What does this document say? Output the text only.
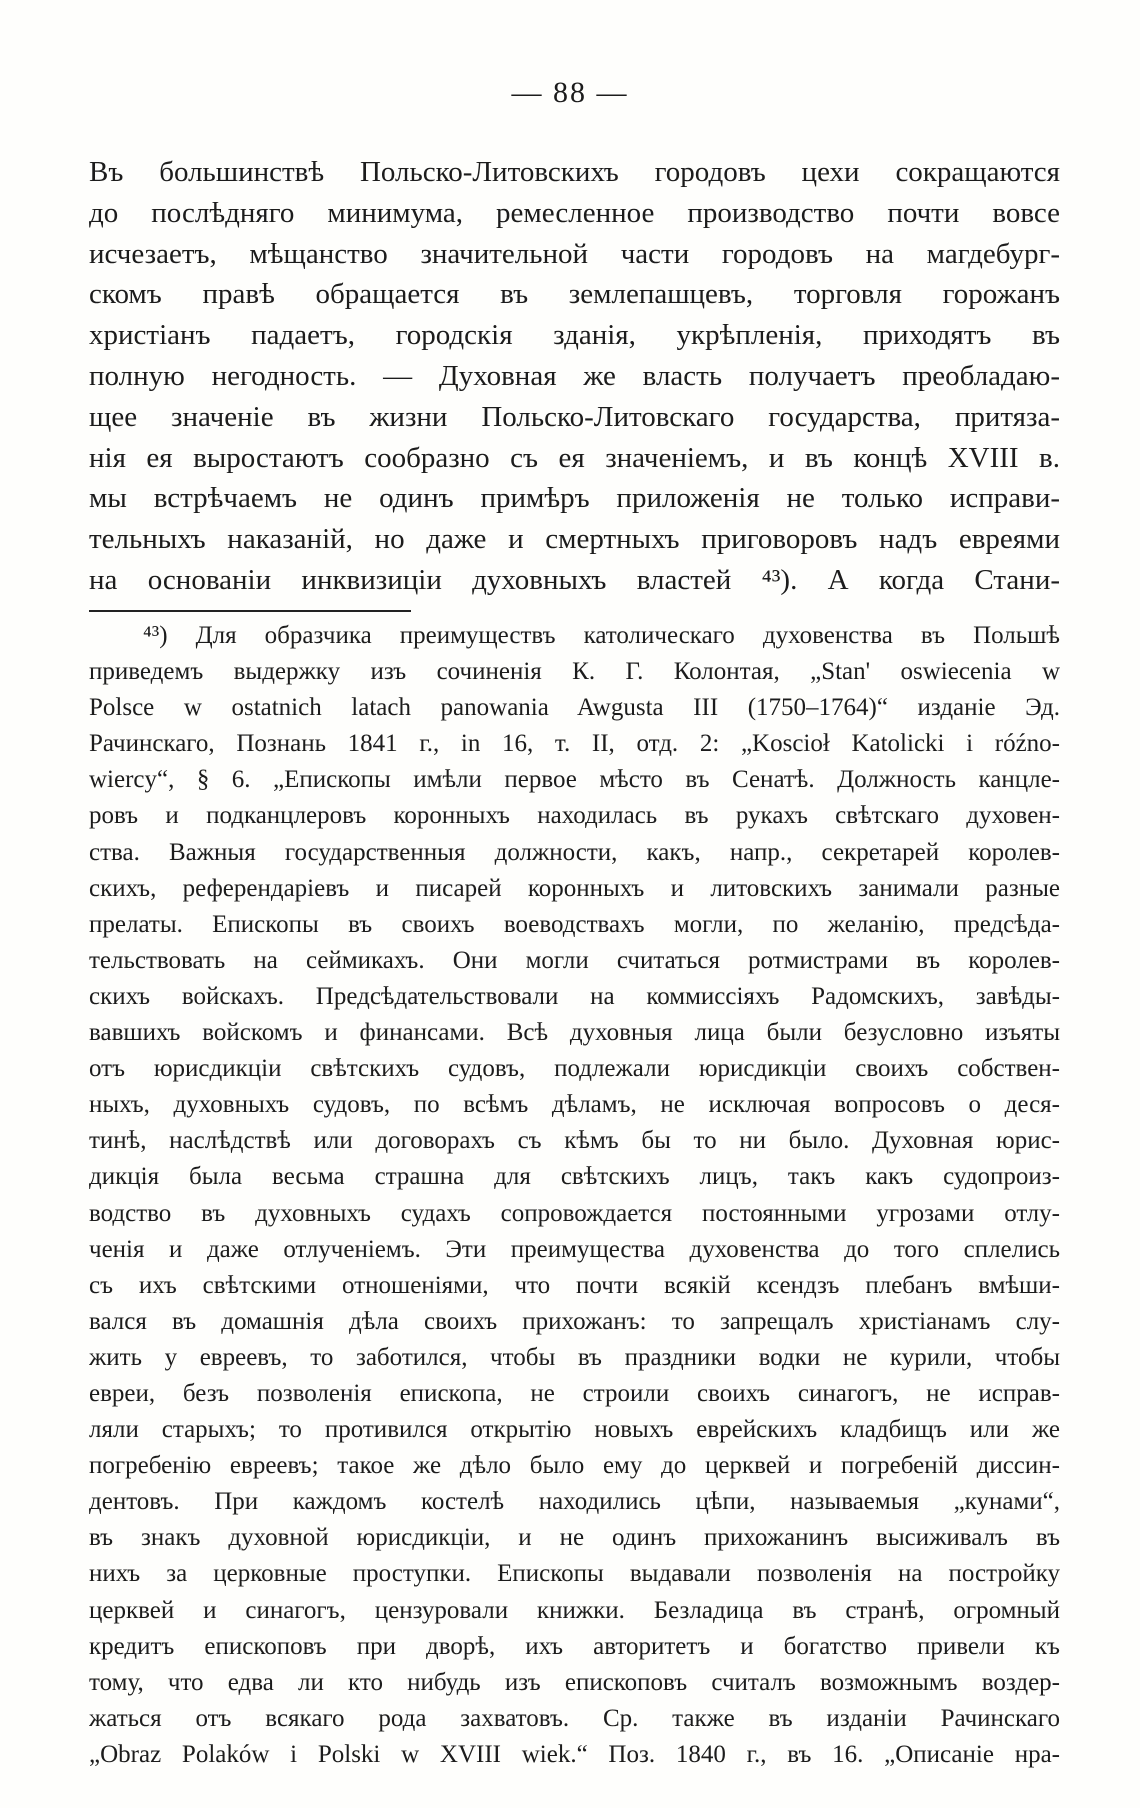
— 88 —
Въ большинствѣ Польско-Литовскихъ городовъ цехи сокращаются
до послѣдняго минимума, ремесленное производство почти вовсе
исчезаетъ, мѣщанство значительной части городовъ на магдебург-
скомъ правѣ обращается въ землепашцевъ, торговля горожанъ
христіанъ падаетъ, городскія зданія, укрѣпленія, приходятъ въ
полную негодность. — Духовная же власть получаетъ преобладаю-
щее значеніе въ жизни Польско-Литовскаго государства, притяза-
нія ея выростаютъ сообразно съ ея значеніемъ, и въ концѣ XVIII в.
мы встрѣчаемъ не одинъ примѣръ приложенія не только исправи-
тельныхъ наказаній, но даже и смертныхъ приговоровъ надъ евреями
на основаніи инквизиціи духовныхъ властей ⁴³). А когда Стани-
⁴³) Для образчика преимуществъ католическаго духовенства въ Польшѣ
приведемъ выдержку изъ сочиненія К. Г. Колонтая, „Stan' oswiecenia w
Polsce w ostatnich latach panowania Awgusta III (1750–1764)“ изданіе Эд.
Рачинскаго, Познань 1841 г., in 16, т. II, отд. 2: „Koscioł Katolicki i róźno-
wiercy“, § 6. „Епископы имѣли первое мѣсто въ Сенатѣ. Должность канцле-
ровъ и подканцлеровъ коронныхъ находилась въ рукахъ свѣтскаго духовен-
ства. Важныя государственныя должности, какъ, напр., секретарей королев-
скихъ, референдаріевъ и писарей коронныхъ и литовскихъ занимали разные
прелаты. Епископы въ своихъ воеводствахъ могли, по желанію, предсѣда-
тельствовать на сеймикахъ. Они могли считаться ротмистрами въ королев-
скихъ войскахъ. Предсѣдательствовали на коммиссіяхъ Радомскихъ, завѣды-
вавшихъ войскомъ и финансами. Всѣ духовныя лица были безусловно изъяты
отъ юрисдикціи свѣтскихъ судовъ, подлежали юрисдикціи своихъ собствен-
ныхъ, духовныхъ судовъ, по всѣмъ дѣламъ, не исключая вопросовъ о деся-
тинѣ, наслѣдствѣ или договорахъ съ кѣмъ бы то ни было. Духовная юрис-
дикція была весьма страшна для свѣтскихъ лицъ, такъ какъ судопроиз-
водство въ духовныхъ судахъ сопровождается постоянными угрозами отлу-
ченія и даже отлученіемъ. Эти преимущества духовенства до того сплелись
съ ихъ свѣтскими отношеніями, что почти всякій ксендзъ плебанъ вмѣши-
вался въ домашнія дѣла своихъ прихожанъ: то запрещалъ христіанамъ слу-
жить у евреевъ, то заботился, чтобы въ праздники водки не курили, чтобы
евреи, безъ позволенія епископа, не строили своихъ синагогъ, не исправ-
ляли старыхъ; то противился открытію новыхъ еврейскихъ кладбищъ или же
погребенію евреевъ; такое же дѣло было ему до церквей и погребеній диссин-
дентовъ. При каждомъ костелѣ находились цѣпи, называемыя „кунами“,
въ знакъ духовной юрисдикціи, и не одинъ прихожанинъ высиживалъ въ
нихъ за церковные проступки. Епископы выдавали позволенія на постройку
церквей и синагогъ, цензуровали книжки. Безладица въ странѣ, огромный
кредитъ епископовъ при дворѣ, ихъ авторитетъ и богатство привели къ
тому, что едва ли кто нибудь изъ епископовъ считалъ возможнымъ воздер-
жаться отъ всякаго рода захватовъ. Ср. также въ изданіи Рачинскаго
„Obraz Polaków i Polski w XVIII wiek.“ Поз. 1840 г., въ 16. „Описаніе нра-
